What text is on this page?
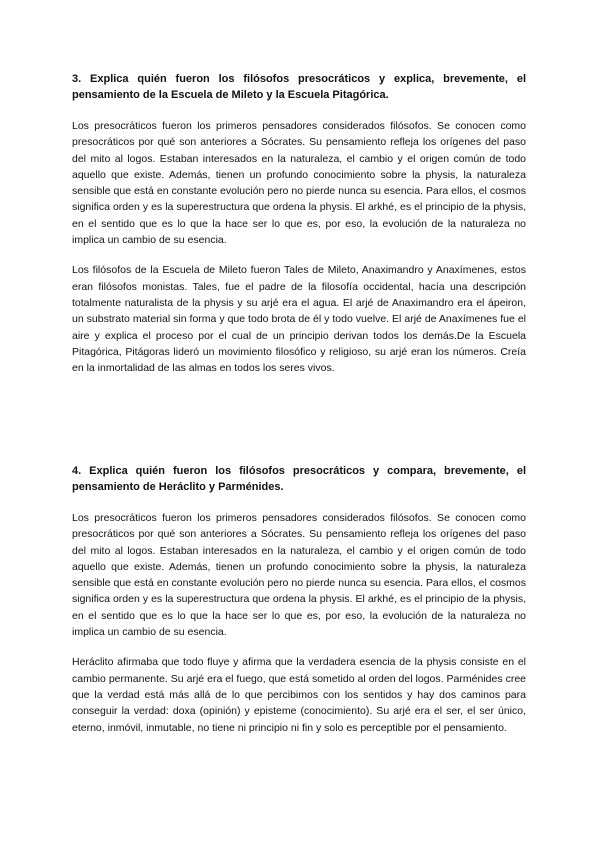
3. Explica quién fueron los filósofos presocráticos y explica, brevemente, el pensamiento de la Escuela de Mileto y la Escuela Pitagórica.

Los presocráticos fueron los primeros pensadores considerados filósofos. Se conocen como presocráticos por qué son anteriores a Sócrates. Su pensamiento refleja los orígenes del paso del mito al logos. Estaban interesados en la naturaleza, el cambio y el origen común de todo aquello que existe. Además, tienen un profundo conocimiento sobre la physis, la naturaleza sensible que está en constante evolución pero no pierde nunca su esencia. Para ellos, el cosmos significa orden y es la superestructura que ordena la physis. El arkhé, es el principio de la physis, en el sentido que es lo que la hace ser lo que es, por eso, la evolución de la naturaleza no implica un cambio de su esencia.

Los filósofos de la Escuela de Mileto fueron Tales de Mileto, Anaximandro y Anaxímenes, estos eran filósofos monistas. Tales, fue el padre de la filosofía occidental, hacía una descripción totalmente naturalista de la physis y su arjé era el agua. El arjé de Anaximandro era el ápeiron, un substrato material sin forma y que todo brota de él y todo vuelve. El arjé de Anaxímenes fue el aire y explica el proceso por el cual de un principio derivan todos los demás.De la Escuela Pitagórica, Pitágoras lideró un movimiento filosófico y religioso, su arjé eran los números. Creía en la inmortalidad de las almas en todos los seres vivos.

4. Explica quién fueron los filósofos presocráticos y compara, brevemente, el pensamiento de Heráclito y Parménides.

Los presocráticos fueron los primeros pensadores considerados filósofos. Se conocen como presocráticos por qué son anteriores a Sócrates. Su pensamiento refleja los orígenes del paso del mito al logos. Estaban interesados en la naturaleza, el cambio y el origen común de todo aquello que existe. Además, tienen un profundo conocimiento sobre la physis, la naturaleza sensible que está en constante evolución pero no pierde nunca su esencia. Para ellos, el cosmos significa orden y es la superestructura que ordena la physis. El arkhé, es el principio de la physis, en el sentido que es lo que la hace ser lo que es, por eso, la evolución de la naturaleza no implica un cambio de su esencia.

Heráclito afirmaba que todo fluye y afirma que la verdadera esencia de la physis consiste en el cambio permanente. Su arjé era el fuego, que está sometido al orden del logos. Parménides cree que la verdad está más allá de lo que percibimos con los sentidos y hay dos caminos para conseguir la verdad: doxa (opinión) y episteme (conocimiento). Su arjé era el ser, el ser único, eterno, inmóvil, inmutable, no tiene ni principio ni fin y solo es perceptible por el pensamiento.
